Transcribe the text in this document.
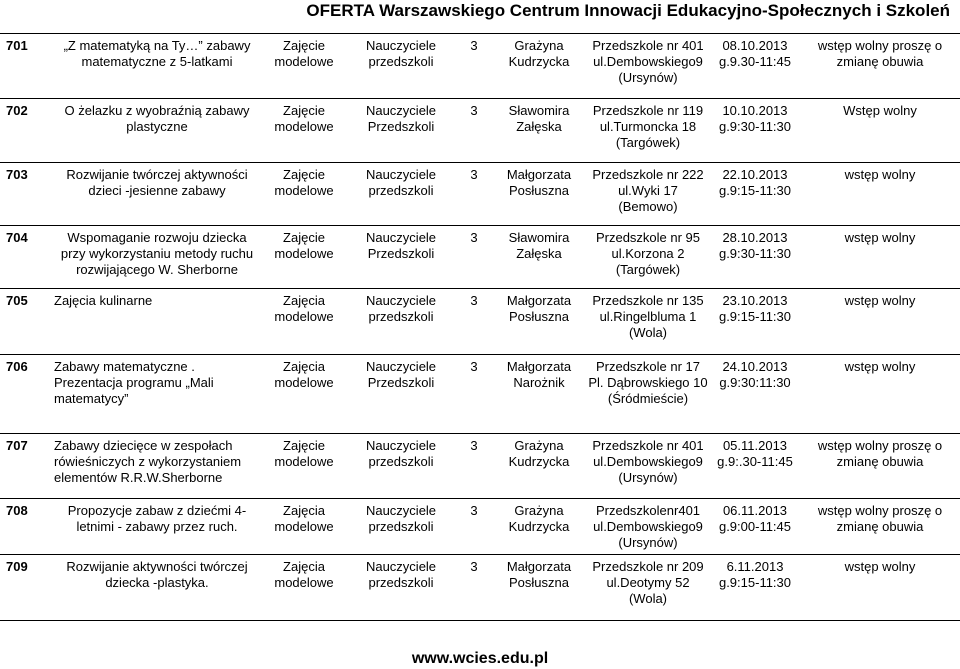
OFERTA Warszawskiego Centrum Innowacji Edukacyjno-Społecznych i Szkoleń
701	„Z matematyką na Ty…” zabawy matematyczne z 5-latkami	Zajęcie modelowe	Nauczyciele przedszkoli	3	Grażyna Kudrzycka	Przedszkole nr 401 ul.Dembowskiego9 (Ursynów)	08.10.2013 g.9.30-11:45	wstęp wolny proszę o zmianę obuwia
702	O żelazku z wyobraźnią zabawy plastyczne	Zajęcie modelowe	Nauczyciele Przedszkoli	3	Sławomira Załęska	Przedszkole nr 119 ul.Turmoncka 18 (Targówek)	10.10.2013 g.9:30-11:30	Wstęp wolny
703	Rozwijanie twórczej aktywności dzieci -jesienne zabawy	Zajęcie modelowe	Nauczyciele przedszkoli	3	Małgorzata Posłuszna	Przedszkole nr 222 ul.Wyki 17 (Bemowo)	22.10.2013 g.9:15-11:30	wstęp wolny
704	Wspomaganie rozwoju dziecka przy wykorzystaniu metody ruchu rozwijającego W. Sherborne	Zajęcie modelowe	Nauczyciele Przedszkoli	3	Sławomira Załęska	Przedszkole nr 95 ul.Korzona 2 (Targówek)	28.10.2013 g.9:30-11:30	wstęp wolny
705	Zajęcia kulinarne	Zajęcia modelowe	Nauczyciele przedszkoli	3	Małgorzata Posłuszna	Przedszkole nr 135 ul.Ringelbluma 1 (Wola)	23.10.2013 g.9:15-11:30	wstęp wolny
706	Zabawy matematyczne . Prezentacja programu „Mali matematycy”	Zajęcia modelowe	Nauczyciele Przedszkoli	3	Małgorzata Narożnik	Przedszkole nr 17 Pl. Dąbrowskiego 10 (Śródmieście)	24.10.2013 g.9:30:11:30	wstęp wolny
707	Zabawy dziecięce w zespołach rówieśniczych z wykorzystaniem elementów R.R.W.Sherborne	Zajęcie modelowe	Nauczyciele przedszkoli	3	Grażyna Kudrzycka	Przedszkole nr 401 ul.Dembowskiego9 (Ursynów)	05.11.2013 g.9:.30-11:45	wstęp wolny proszę o zmianę obuwia
708	Propozycje zabaw z dziećmi 4-letnimi - zabawy przez ruch.	Zajęcia modelowe	Nauczyciele przedszkoli	3	Grażyna Kudrzycka	Przedszkolenr401 ul.Dembowskiego9 (Ursynów)	06.11.2013 g.9:00-11:45	wstęp wolny proszę o zmianę obuwia
709	Rozwijanie aktywności twórczej dziecka -plastyka.	Zajęcia modelowe	Nauczyciele przedszkoli	3	Małgorzata Posłuszna	Przedszkole nr 209 ul.Deotymy 52 (Wola)	6.11.2013 g.9:15-11:30	wstęp wolny
www.wcies.edu.pl
